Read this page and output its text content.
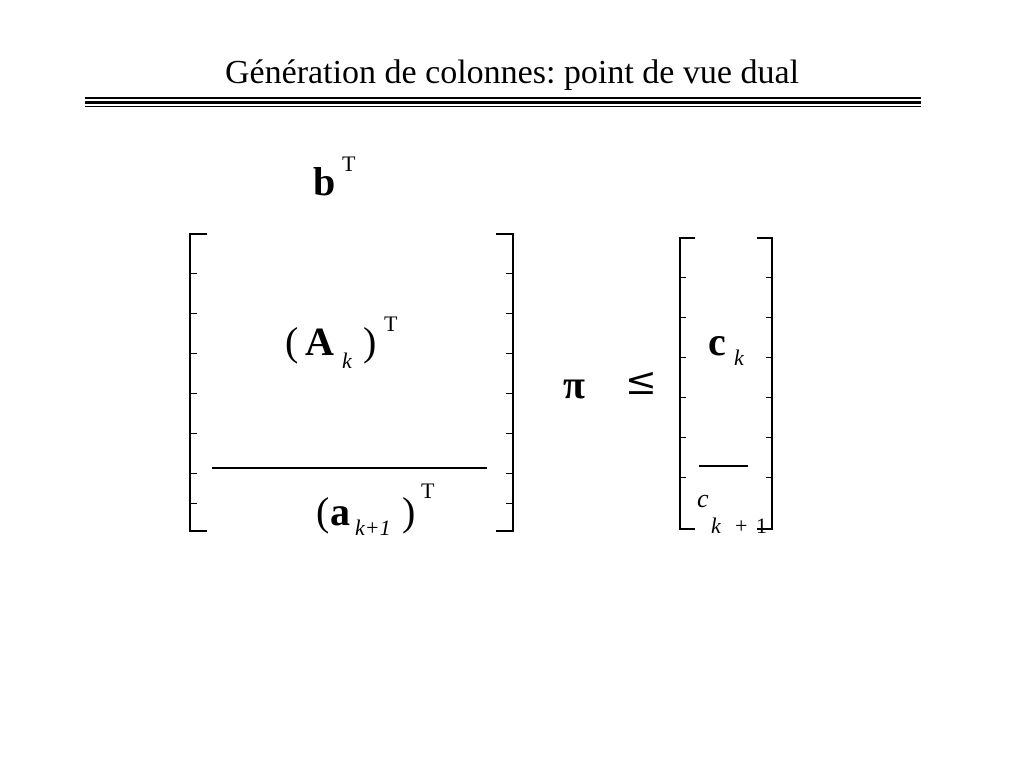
Génération de colonnes: point de vue dual
b T
( A k ) T
( a k+1 ) T
π ≤
c k
c
k + 1
